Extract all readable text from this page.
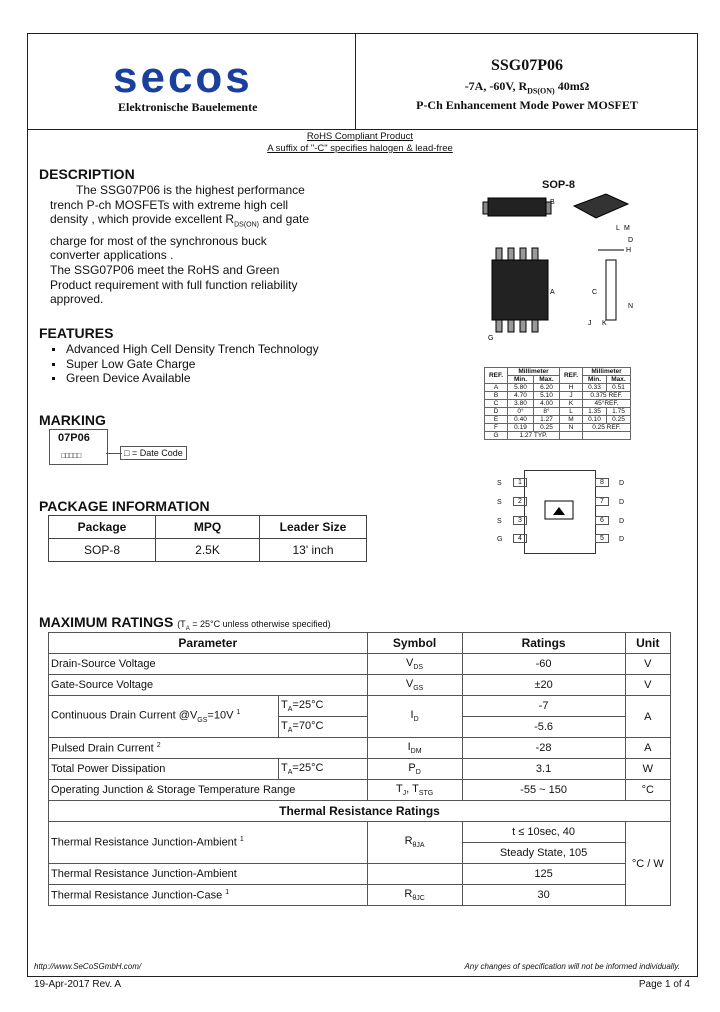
secos
Elektronische Bauelemente
SSG07P06
-7A, -60V, $R_{DS(ON)}$ 40mΩ
P-Ch Enhancement Mode Power MOSFET
RoHS Compliant Product
A suffix of "-C" specifies halogen & lead-free
DESCRIPTION
The SSG07P06 is the highest performance trench P-ch MOSFETs with extreme high cell density , which provide excellent $R_{DS(ON)}$ and gate charge for most of the synchronous buck converter applications .
The SSG07P06 meet the RoHS and Green Product requirement with full function reliability approved.
FEATURES
Advanced High Cell Density Trench Technology
Super Low Gate Charge
Green Device Available
MARKING
07P06
□□□□□	□ = Date Code
PACKAGE INFORMATION
Package	MPQ	Leader Size
SOP-8	2.5K	13' inch
SOP-8
B
A	C
N
H
J K
L M
D
G
REF.	Millimeter		REF.	Millimeter	
	Min.	Max.		Min.	Max.
A	5.80	6.20	H	0.33	0.51
B	4.70	5.10	J	0.375 REF.	
C	3.80	4.00	K	45°REF.	
D	0°	8°	L	1.35	1.75
E	0.40	1.27	M	0.10	0.25
F	0.19	0.25	N	0.25 REF.	
G	1.27 TYP.				
S
S
S
G
1
2
3
4
8
7
6
5
D
D
D
D
MAXIMUM RATINGS ($T_A = 25^\circ C$ unless otherwise specified)
Parameter		Symbol	Ratings	Unit
Drain-Source Voltage		$V_{DS}$	-60	V
Gate-Source Voltage		$V_{GS}$	±20	V
Continuous Drain Current $@V_{GS}=10V$ $^1$	$T_A=25^\circ C$	$I_D$	-7	A
	$T_A=70^\circ C$		-5.6	
Pulsed Drain Current $^2$		$I_{DM}$	-28	A
Total Power Dissipation	$T_A=25^\circ C$	$P_D$	3.1	W
Operating Junction & Storage Temperature Range		$T_J$, $T_{STG}$	-55 ~ 150	°C
Thermal Resistance Ratings				
Thermal Resistance Junction-Ambient $^1$		$R_{\theta JA}$	t ≤ 10sec, 40	°C / W
			Steady State, 105	
Thermal Resistance Junction-Ambient			125	
Thermal Resistance Junction-Case $^1$		$R_{\theta JC}$	30	
http://www.SeCoSGmbH.com/	Any changes of specification will not be informed individually.
19-Apr-2017 Rev. A	Page 1 of 4
